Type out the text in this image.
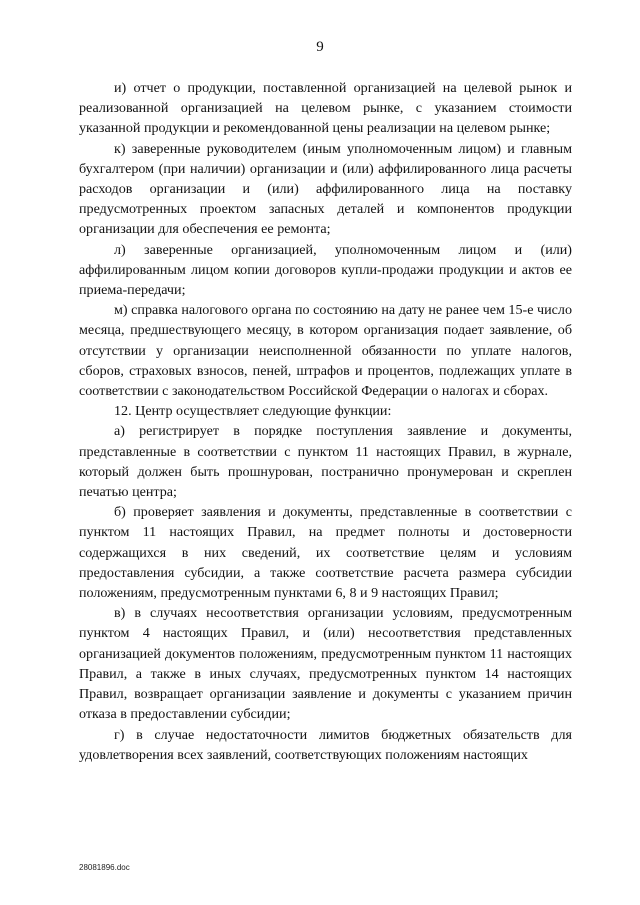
9

и) отчет о продукции, поставленной организацией на целевой рынок и реализованной организацией на целевом рынке, с указанием стоимости указанной продукции и рекомендованной цены реализации на целевом рынке;

к) заверенные руководителем (иным уполномоченным лицом) и главным бухгалтером (при наличии) организации и (или) аффилированного лица расчеты расходов организации и (или) аффилированного лица на поставку предусмотренных проектом запасных деталей и компонентов продукции организации для обеспечения ее ремонта;

л) заверенные организацией, уполномоченным лицом и (или) аффилированным лицом копии договоров купли-продажи продукции и актов ее приема-передачи;

м) справка налогового органа по состоянию на дату не ранее чем 15-е число месяца, предшествующего месяцу, в котором организация подает заявление, об отсутствии у организации неисполненной обязанности по уплате налогов, сборов, страховых взносов, пеней, штрафов и процентов, подлежащих уплате в соответствии с законодательством Российской Федерации о налогах и сборах.

12. Центр осуществляет следующие функции:

а) регистрирует в порядке поступления заявление и документы, представленные в соответствии с пунктом 11 настоящих Правил, в журнале, который должен быть прошнурован, постранично пронумерован и скреплен печатью центра;

б) проверяет заявления и документы, представленные в соответствии с пунктом 11 настоящих Правил, на предмет полноты и достоверности содержащихся в них сведений, их соответствие целям и условиям предоставления субсидии, а также соответствие расчета размера субсидии положениям, предусмотренным пунктами 6, 8 и 9 настоящих Правил;

в) в случаях несоответствия организации условиям, предусмотренным пунктом 4 настоящих Правил, и (или) несоответствия представленных организацией документов положениям, предусмотренным пунктом 11 настоящих Правил, а также в иных случаях, предусмотренных пунктом 14 настоящих Правил, возвращает организации заявление и документы с указанием причин отказа в предоставлении субсидии;

г) в случае недостаточности лимитов бюджетных обязательств для удовлетворения всех заявлений, соответствующих положениям настоящих

28081896.doc
